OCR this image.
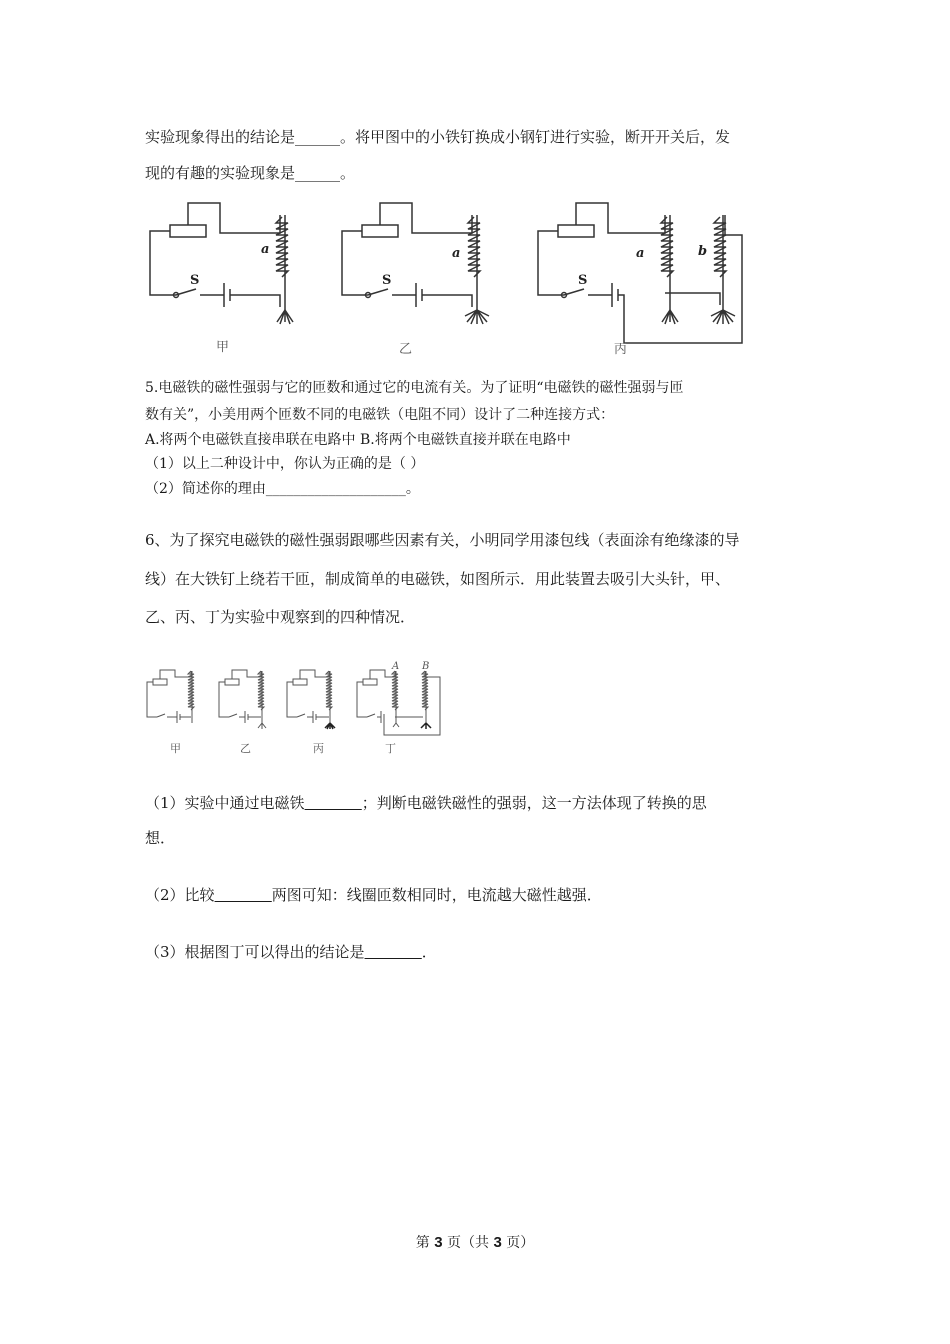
实验现象得出的结论是______。将甲图中的小铁钉换成小钢钉进行实验，断开开关后，发
现的有趣的实验现象是______。
S	S	S
a	a	a	b
甲	乙	丙
5.电磁铁的磁性强弱与它的匝数和通过它的电流有关。为了证明“电磁铁的磁性强弱与匝
数有关”，小美用两个匝数不同的电磁铁（电阻不同）设计了二种连接方式：
A.将两个电磁铁直接串联在电路中 B.将两个电磁铁直接并联在电路中
（1）以上二种设计中，你认为正确的是（ ）
（2）简述你的理由____________________。
6、为了探究电磁铁的磁性强弱跟哪些因素有关，小明同学用漆包线（表面涂有绝缘漆的导
线）在大铁钉上绕若干匝，制成简单的电磁铁，如图所示．用此装置去吸引大头针，甲、
乙、丙、丁为实验中观察到的四种情况．
A B
甲	乙	丙	丁
（1）实验中通过电磁铁	；判断电磁铁磁性的强弱，这一方法体现了转换的思
想．
（2）比较	两图可知：线圈匝数相同时，电流越大磁性越强．
（3）根据图丁可以得出的结论是	．
第 3 页（共 3 页）
